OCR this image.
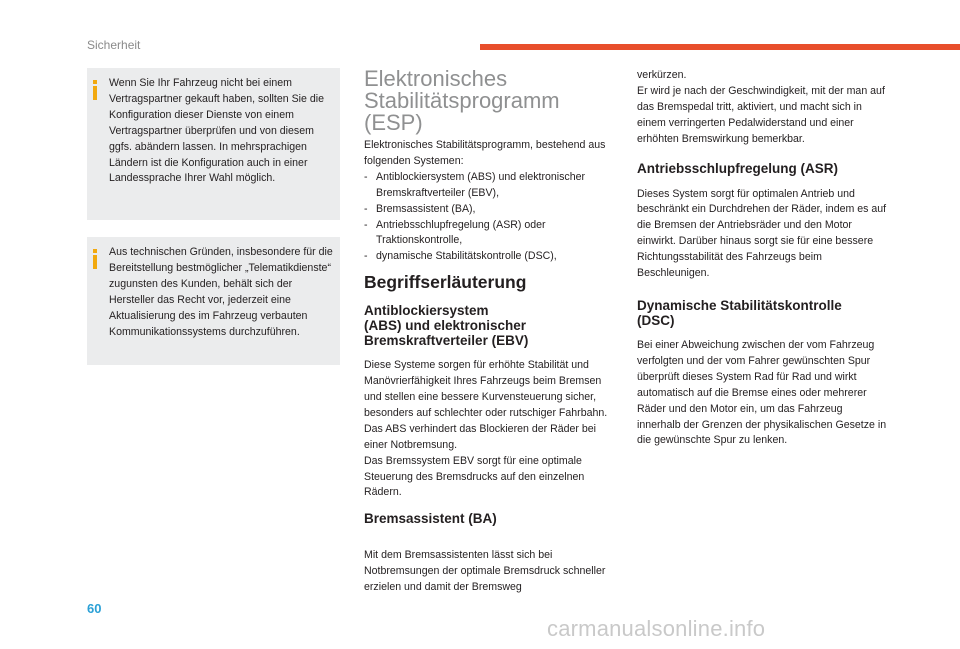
Sicherheit

Wenn Sie Ihr Fahrzeug nicht bei einem Vertragspartner gekauft haben, sollten Sie die Konfiguration dieser Dienste von einem Vertragspartner überprüfen und von diesem ggfs. abändern lassen. In mehrsprachigen Ländern ist die Konfiguration auch in einer Landessprache Ihrer Wahl möglich.

Aus technischen Gründen, insbesondere für die Bereitstellung bestmöglicher „Telematikdienste“ zugunsten des Kunden, behält sich der Hersteller das Recht vor, jederzeit eine Aktualisierung des im Fahrzeug verbauten Kommunikationssystems durchzuführen.

Elektronisches
Stabilitätsprogramm
(ESP)

Elektronisches Stabilitätsprogramm, bestehend aus folgenden Systemen:

- Antiblockiersystem (ABS) und elektronischer Bremskraftverteiler (EBV),
- Bremsassistent (BA),
- Antriebsschlupfregelung (ASR) oder Traktionskontrolle,
- dynamische Stabilitätskontrolle (DSC),
Begriffserläuterung
Antiblockiersystem
(ABS) und elektronischer
Bremskraftverteiler (EBV)

Diese Systeme sorgen für erhöhte Stabilität und Manövrierfähigkeit Ihres Fahrzeugs beim Bremsen und stellen eine bessere Kurvensteuerung sicher, besonders auf schlechter oder rutschiger Fahrbahn.

Das ABS verhindert das Blockieren der Räder bei einer Notbremsung.

Das Bremssystem EBV sorgt für eine optimale Steuerung des Bremsdrucks auf den einzelnen Rädern.

Bremsassistent (BA)

Mit dem Bremsassistenten lässt sich bei Notbremsungen der optimale Bremsdruck schneller erzielen und damit der Bremsweg

verkürzen.

Er wird je nach der Geschwindigkeit, mit der man auf das Bremspedal tritt, aktiviert, und macht sich in einem verringerten Pedalwiderstand und einer erhöhten Bremswirkung bemerkbar.

Antriebsschlupfregelung (ASR)

Dieses System sorgt für optimalen Antrieb und beschränkt ein Durchdrehen der Räder, indem es auf die Bremsen der Antriebsräder und den Motor einwirkt. Darüber hinaus sorgt sie für eine bessere Richtungsstabilität des Fahrzeugs beim Beschleunigen.

Dynamische Stabilitätskontrolle
(DSC)

Bei einer Abweichung zwischen der vom Fahrzeug verfolgten und der vom Fahrer gewünschten Spur überprüft dieses System Rad für Rad und wirkt automatisch auf die Bremse eines oder mehrerer Räder und den Motor ein, um das Fahrzeug innerhalb der Grenzen der physikalischen Gesetze in die gewünschte Spur zu lenken.

60
carmanualsonline.info
